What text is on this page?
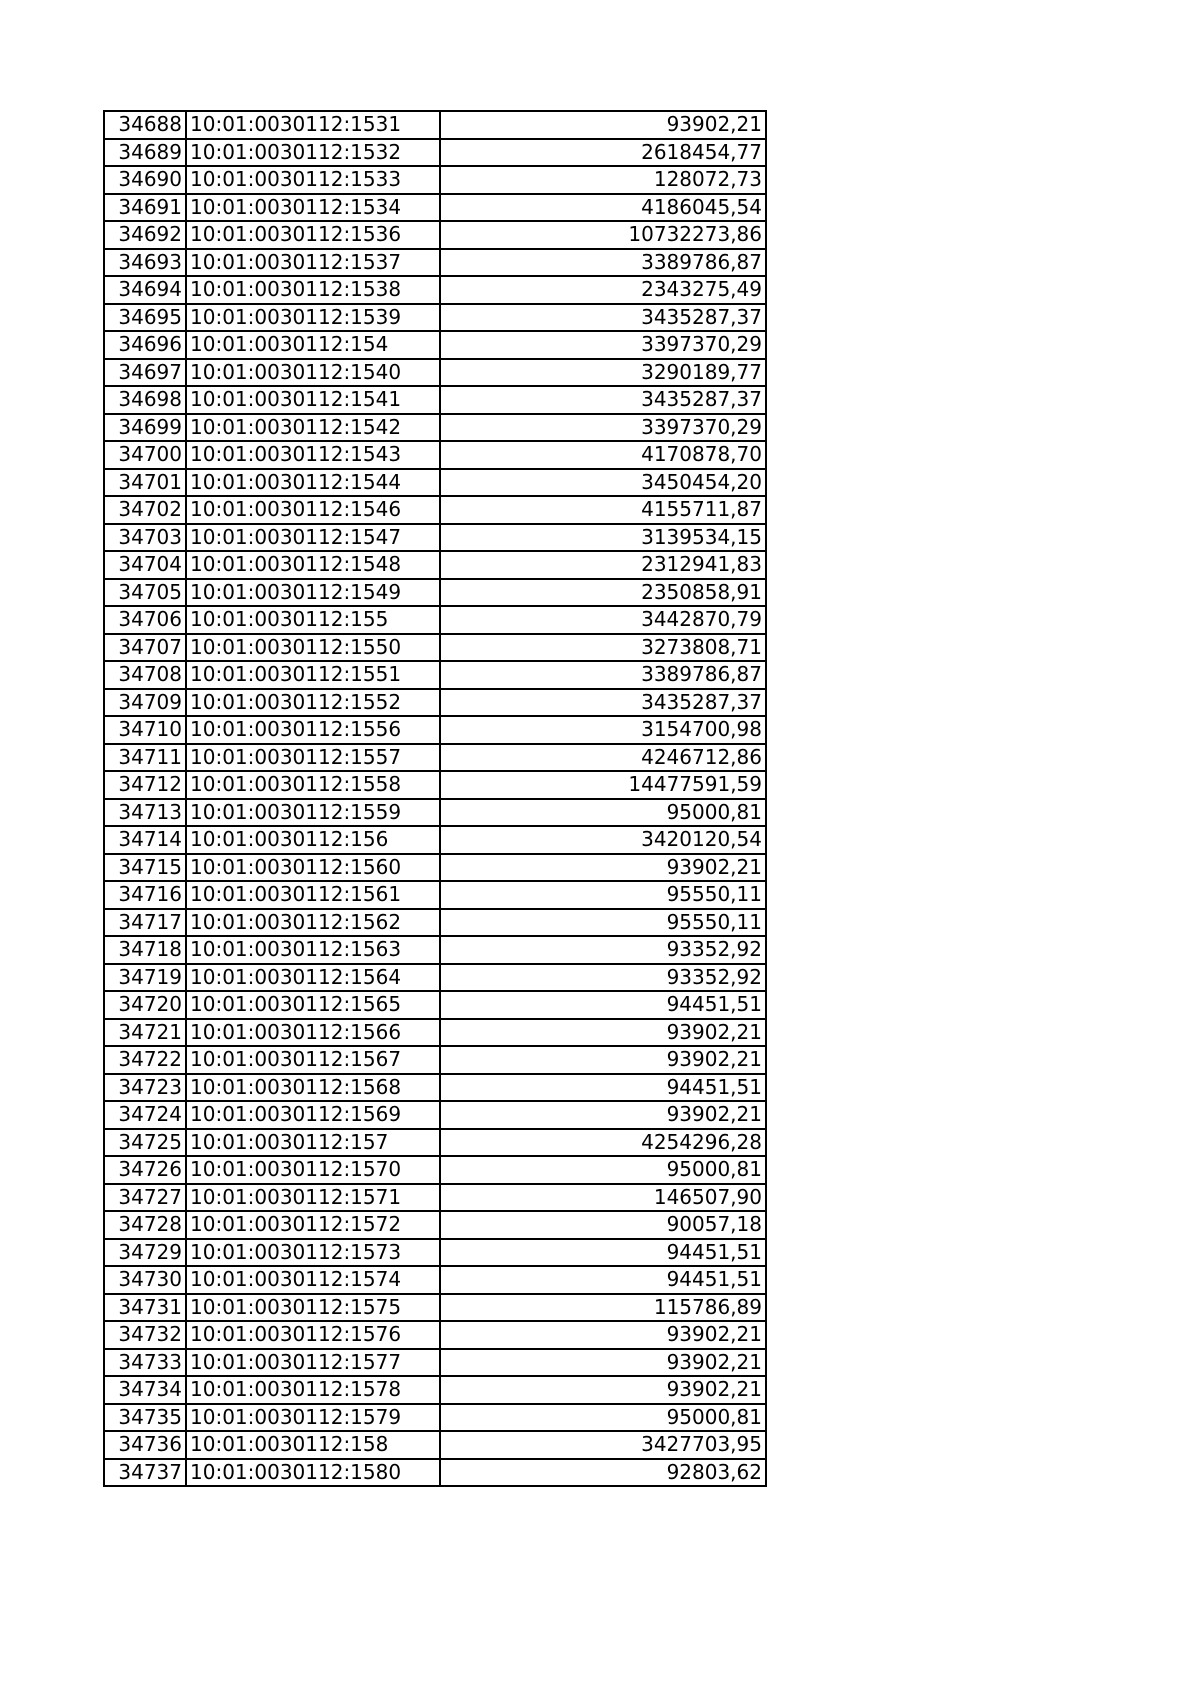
34688	10:01:0030112:1531	93902,21
34689	10:01:0030112:1532	2618454,77
34690	10:01:0030112:1533	128072,73
34691	10:01:0030112:1534	4186045,54
34692	10:01:0030112:1536	10732273,86
34693	10:01:0030112:1537	3389786,87
34694	10:01:0030112:1538	2343275,49
34695	10:01:0030112:1539	3435287,37
34696	10:01:0030112:154	3397370,29
34697	10:01:0030112:1540	3290189,77
34698	10:01:0030112:1541	3435287,37
34699	10:01:0030112:1542	3397370,29
34700	10:01:0030112:1543	4170878,70
34701	10:01:0030112:1544	3450454,20
34702	10:01:0030112:1546	4155711,87
34703	10:01:0030112:1547	3139534,15
34704	10:01:0030112:1548	2312941,83
34705	10:01:0030112:1549	2350858,91
34706	10:01:0030112:155	3442870,79
34707	10:01:0030112:1550	3273808,71
34708	10:01:0030112:1551	3389786,87
34709	10:01:0030112:1552	3435287,37
34710	10:01:0030112:1556	3154700,98
34711	10:01:0030112:1557	4246712,86
34712	10:01:0030112:1558	14477591,59
34713	10:01:0030112:1559	95000,81
34714	10:01:0030112:156	3420120,54
34715	10:01:0030112:1560	93902,21
34716	10:01:0030112:1561	95550,11
34717	10:01:0030112:1562	95550,11
34718	10:01:0030112:1563	93352,92
34719	10:01:0030112:1564	93352,92
34720	10:01:0030112:1565	94451,51
34721	10:01:0030112:1566	93902,21
34722	10:01:0030112:1567	93902,21
34723	10:01:0030112:1568	94451,51
34724	10:01:0030112:1569	93902,21
34725	10:01:0030112:157	4254296,28
34726	10:01:0030112:1570	95000,81
34727	10:01:0030112:1571	146507,90
34728	10:01:0030112:1572	90057,18
34729	10:01:0030112:1573	94451,51
34730	10:01:0030112:1574	94451,51
34731	10:01:0030112:1575	115786,89
34732	10:01:0030112:1576	93902,21
34733	10:01:0030112:1577	93902,21
34734	10:01:0030112:1578	93902,21
34735	10:01:0030112:1579	95000,81
34736	10:01:0030112:158	3427703,95
34737	10:01:0030112:1580	92803,62
